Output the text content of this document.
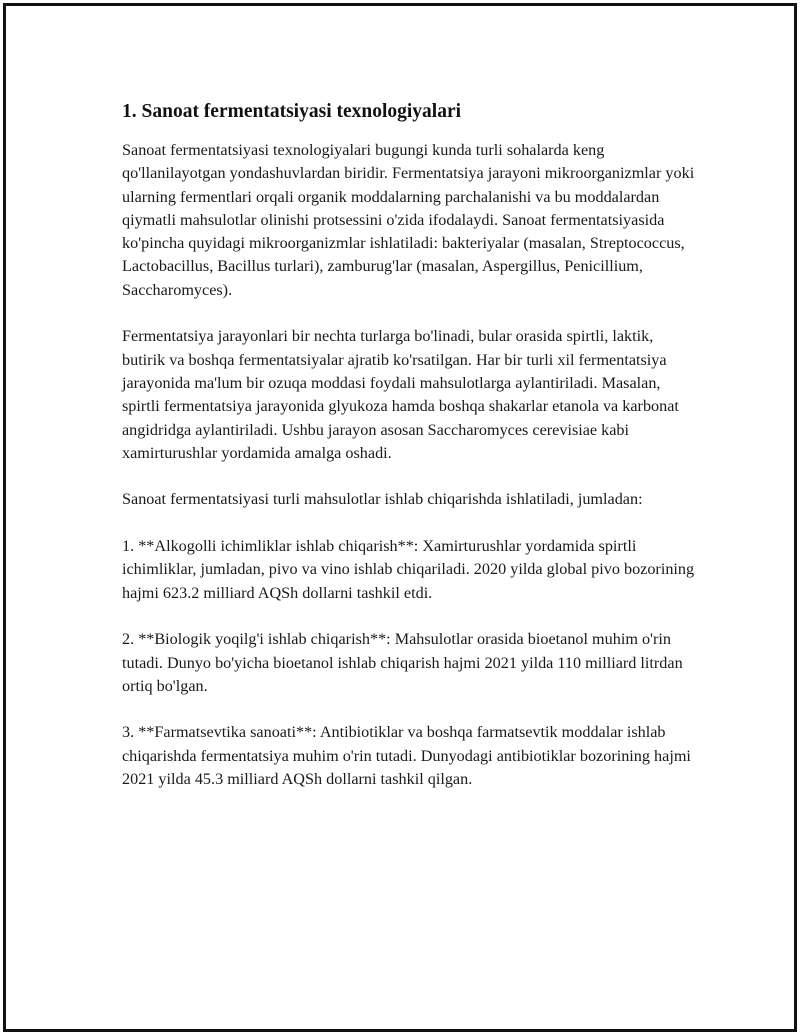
1. Sanoat fermentatsiyasi texnologiyalari

Sanoat fermentatsiyasi texnologiyalari bugungi kunda turli sohalarda keng qo'llanilayotgan yondashuvlardan biridir. Fermentatsiya jarayoni mikroorganizmlar yoki ularning fermentlari orqali organik moddalarning parchalanishi va bu moddalardan qiymatli mahsulotlar olinishi protsessini o'zida ifodalaydi. Sanoat fermentatsiyasida ko'pincha quyidagi mikroorganizmlar ishlatiladi: bakteriyalar (masalan, Streptococcus, Lactobacillus, Bacillus turlari), zamburug'lar (masalan, Aspergillus, Penicillium, Saccharomyces).

Fermentatsiya jarayonlari bir nechta turlarga bo'linadi, bular orasida spirtli, laktik, butirik va boshqa fermentatsiyalar ajratib ko'rsatilgan. Har bir turli xil fermentatsiya jarayonida ma'lum bir ozuqa moddasi foydali mahsulotlarga aylantiriladi. Masalan, spirtli fermentatsiya jarayonida glyukoza hamda boshqa shakarlar etanola va karbonat angidridga aylantiriladi. Ushbu jarayon asosan Saccharomyces cerevisiae kabi xamirturushlar yordamida amalga oshadi.

Sanoat fermentatsiyasi turli mahsulotlar ishlab chiqarishda ishlatiladi, jumladan:

1. **Alkogolli ichimliklar ishlab chiqarish**: Xamirturushlar yordamida spirtli ichimliklar, jumladan, pivo va vino ishlab chiqariladi. 2020 yilda global pivo bozorining hajmi 623.2 milliard AQSh dollarni tashkil etdi.

2. **Biologik yoqilg'i ishlab chiqarish**: Mahsulotlar orasida bioetanol muhim o'rin tutadi. Dunyo bo'yicha bioetanol ishlab chiqarish hajmi 2021 yilda 110 milliard litrdan ortiq bo'lgan.

3. **Farmatsevtika sanoati**: Antibiotiklar va boshqa farmatsevtik moddalar ishlab chiqarishda fermentatsiya muhim o'rin tutadi. Dunyodagi antibiotiklar bozorining hajmi 2021 yilda 45.3 milliard AQSh dollarni tashkil qilgan.
